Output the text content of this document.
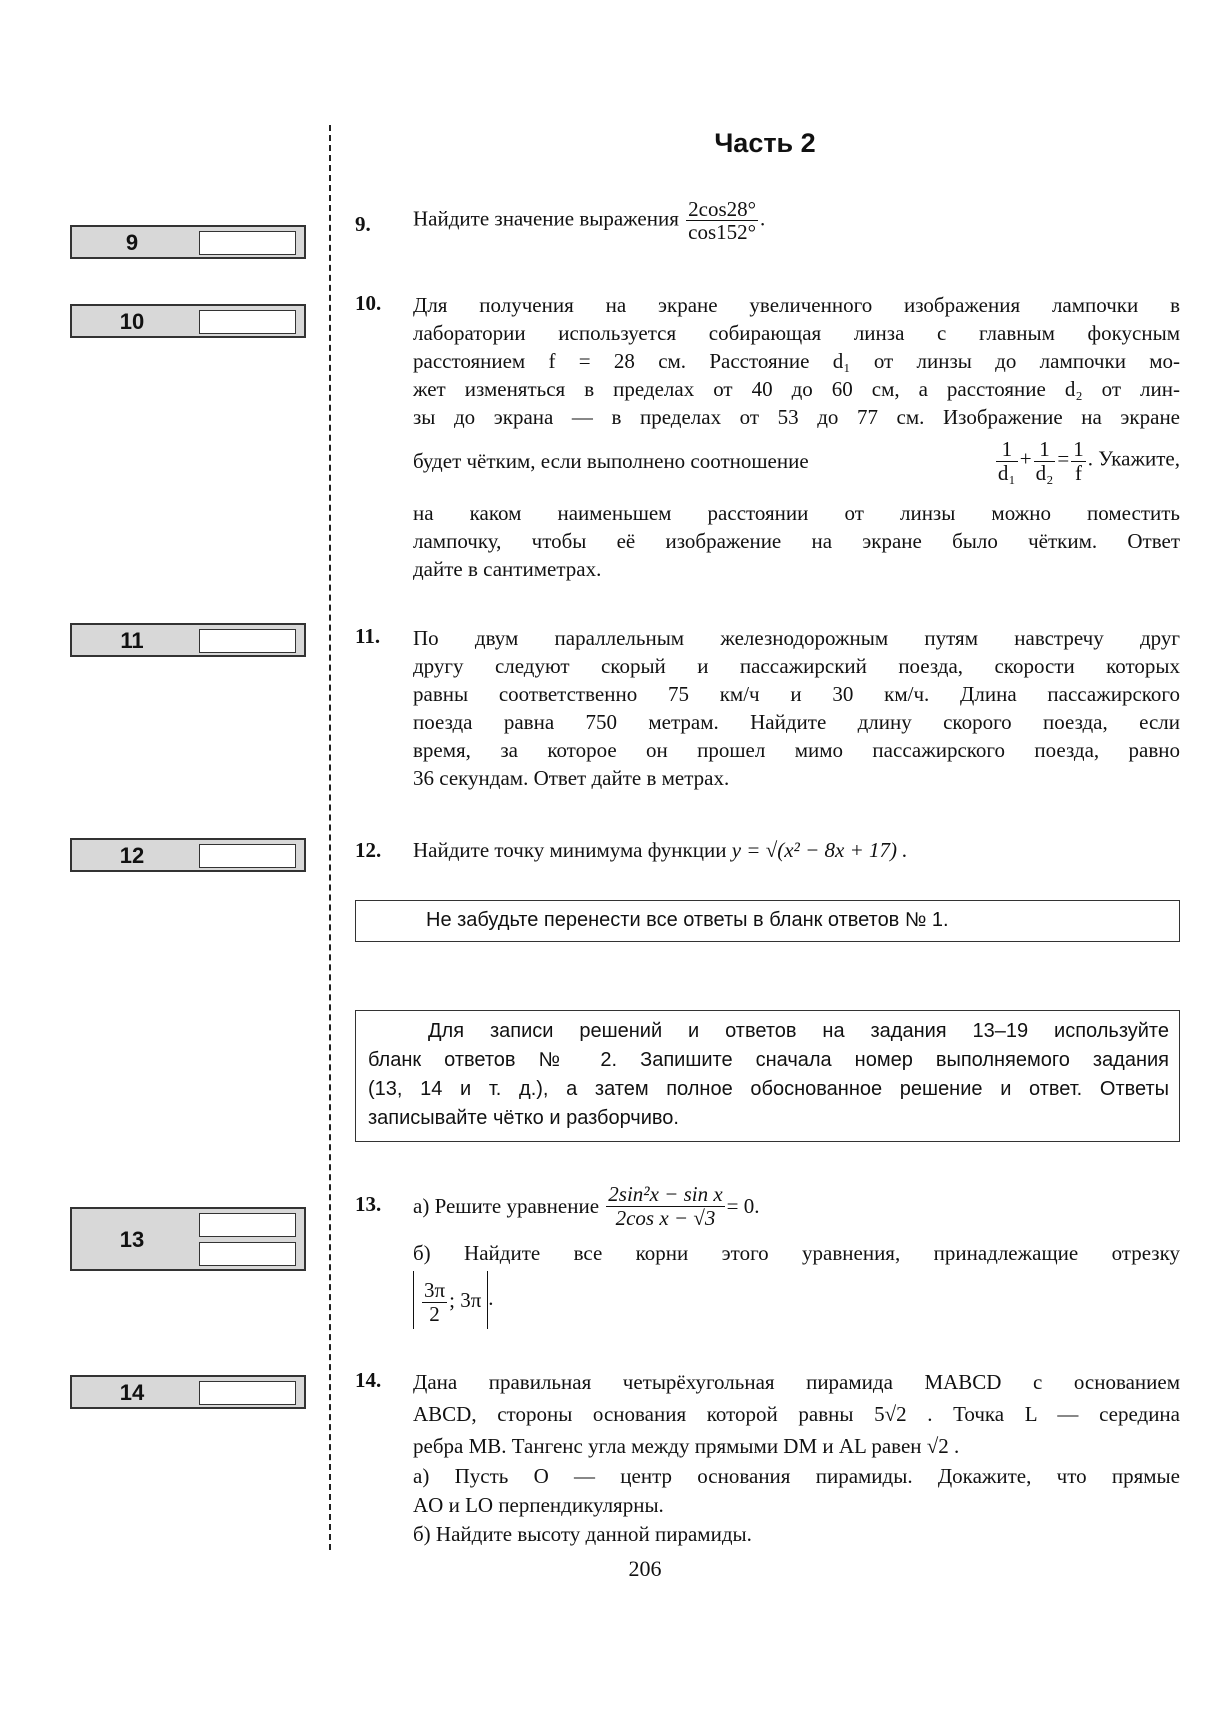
Часть 2
9
10
11
12
13
14
9. Найдите значение выражения $\frac{2\cos 28^\circ}{\cos 152^\circ}$ .
10. Для получения на экране увеличенного изображения лампочки в
лаборатории используется собирающая линза с главным фокусным
расстоянием f = 28 см. Расстояние d₁ от линзы до лампочки мо-
жет изменяться в пределах от 40 до 60 см, а расстояние d₂ от лин-
зы до экрана — в пределах от 53 до 77 см. Изображение на экране
будет чётким, если выполнено соотношение	$\frac{1}{\text{d₁}} + \frac{1}{\text{d₂}} = \frac{1}{f}$ . Укажите,
на каком наименьшем расстоянии от линзы можно поместить
лампочку, чтобы её изображение на экране было чётким. Ответ
дайте в сантиметрах.
11. По двум параллельным железнодорожным путям навстречу друг
другу следуют скорый и пассажирский поезда, скорости которых
равны соответственно 75 км/ч и 30 км/ч. Длина пассажирского
поезда равна 750 метрам. Найдите длину скорого поезда, если
время, за которое он прошел мимо пассажирского поезда, равно
36 секундам. Ответ дайте в метрах.
12. Найдите точку минимума функции y = √(x² − 8x + 17) .
Не забудьте перенести все ответы в бланк ответов № 1.
Для записи решений и ответов на задания 13–19 используйте
бланк ответов № 2. Запишите сначала номер выполняемого задания
(13, 14 и т. д.), а затем полное обоснованное решение и ответ. Ответы
записывайте чётко и разборчиво.
13. а) Решите уравнение
$\frac{\text{2sin²x − sin x}}{\text{2cos x − √3}} = 0$.
б) Найдите все корни этого уравнения, принадлежащие отрезку
$\frac{3\pi}{2}$ ; 3π .
14. Дана правильная четырёхугольная пирамида MABCD с основанием
ABCD, стороны основания которой равны 5√2 . Точка L — середина
ребра MB. Тангенс угла между прямыми DM и AL равен √2 .
а) Пусть O — центр основания пирамиды. Докажите, что прямые
AO и LO перпендикулярны.
б) Найдите высоту данной пирамиды.
206
